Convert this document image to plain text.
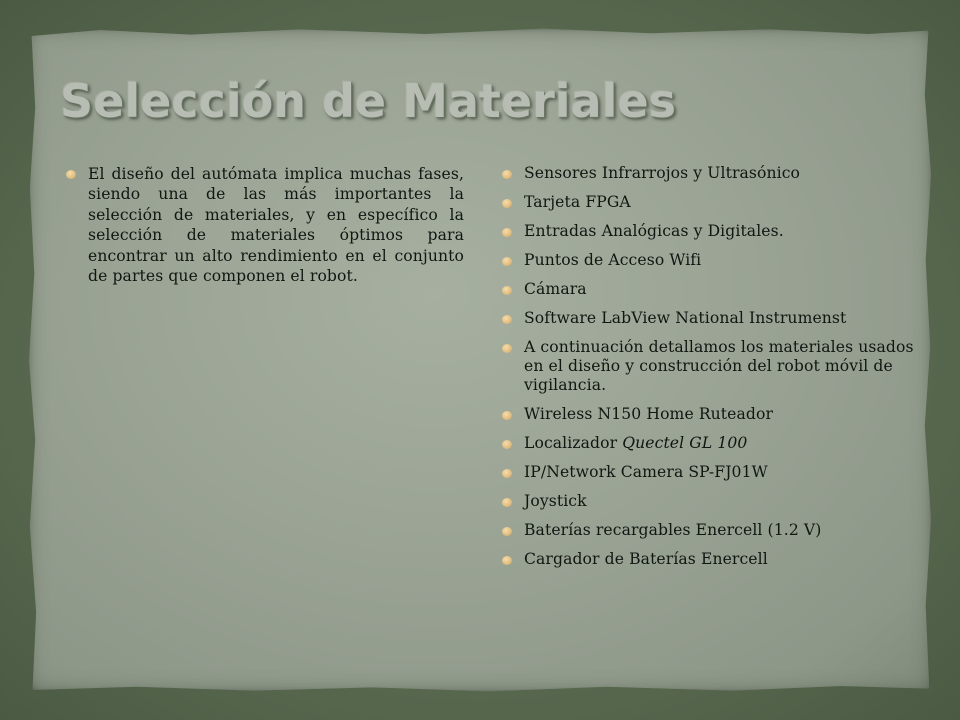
Selección de Materiales
El diseño del autómata implica muchas fases, siendo una de las más importantes la selección de materiales, y en específico la selección de materiales óptimos para encontrar un alto rendimiento en el conjunto de partes que componen el robot.
Sensores Infrarrojos y Ultrasónico
Tarjeta FPGA
Entradas Analógicas y Digitales.
Puntos de Acceso Wifi
Cámara
Software LabView National Instrumenst
A continuación detallamos los materiales usados en el diseño y construcción del robot móvil de vigilancia.
Wireless N150 Home Ruteador
Localizador Quectel GL 100
IP/Network Camera SP-FJ01W
Joystick
Baterías recargables Enercell (1.2 V)
Cargador de Baterías Enercell
